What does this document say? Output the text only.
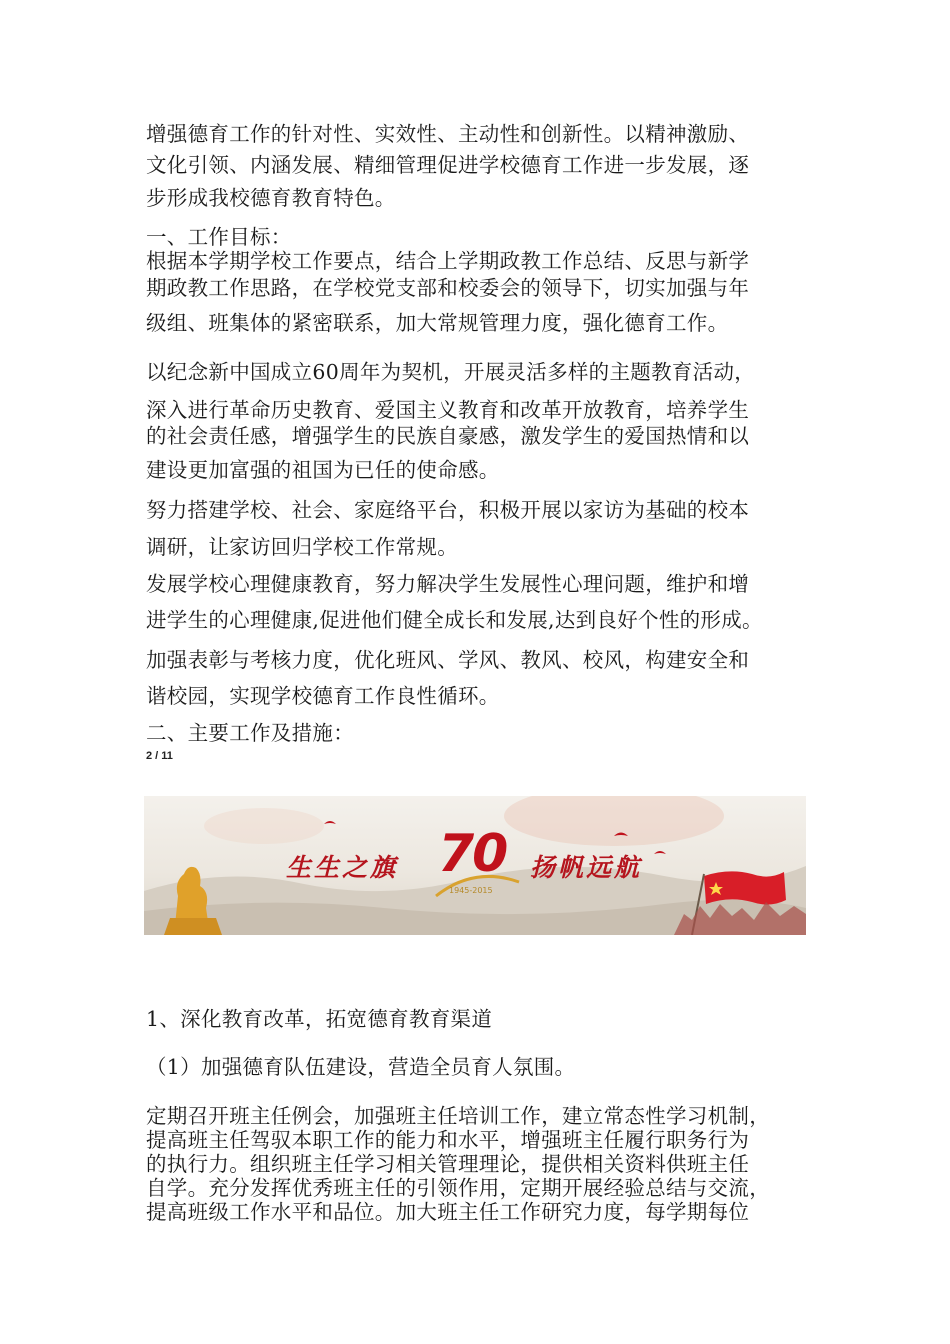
增强德育工作的针对性、实效性、主动性和创新性。以精神激励、
文化引领、内涵发展、精细管理促进学校德育工作进一步发展，逐
步形成我校德育教育特色。
一、工作目标：
根据本学期学校工作要点，结合上学期政教工作总结、反思与新学
期政教工作思路，在学校党支部和校委会的领导下，切实加强与年
级组、班集体的紧密联系，加大常规管理力度，强化德育工作。
以纪念新中国成立60周年为契机，开展灵活多样的主题教育活动，
深入进行革命历史教育、爱国主义教育和改革开放教育，培养学生
的社会责任感，增强学生的民族自豪感，激发学生的爱国热情和以
建设更加富强的祖国为已任的使命感。
努力搭建学校、社会、家庭络平台，积极开展以家访为基础的校本
调研，让家访回归学校工作常规。
发展学校心理健康教育，努力解决学生发展性心理问题，维护和增
进学生的心理健康,促进他们健全成长和发展,达到良好个性的形成。
加强表彰与考核力度，优化班风、学风、教风、校风，构建安全和
谐校园，实现学校德育工作良性循环。
二、主要工作及措施：
2 / 11
生生之旗 70
1945-2015
扬帆远航
1、深化教育改革，拓宽德育教育渠道
（1）加强德育队伍建设，营造全员育人氛围。
定期召开班主任例会，加强班主任培训工作，建立常态性学习机制，
提高班主任驾驭本职工作的能力和水平，增强班主任履行职务行为
的执行力。组织班主任学习相关管理理论，提供相关资料供班主任
自学。充分发挥优秀班主任的引领作用，定期开展经验总结与交流，
提高班级工作水平和品位。加大班主任工作研究力度，每学期每位
